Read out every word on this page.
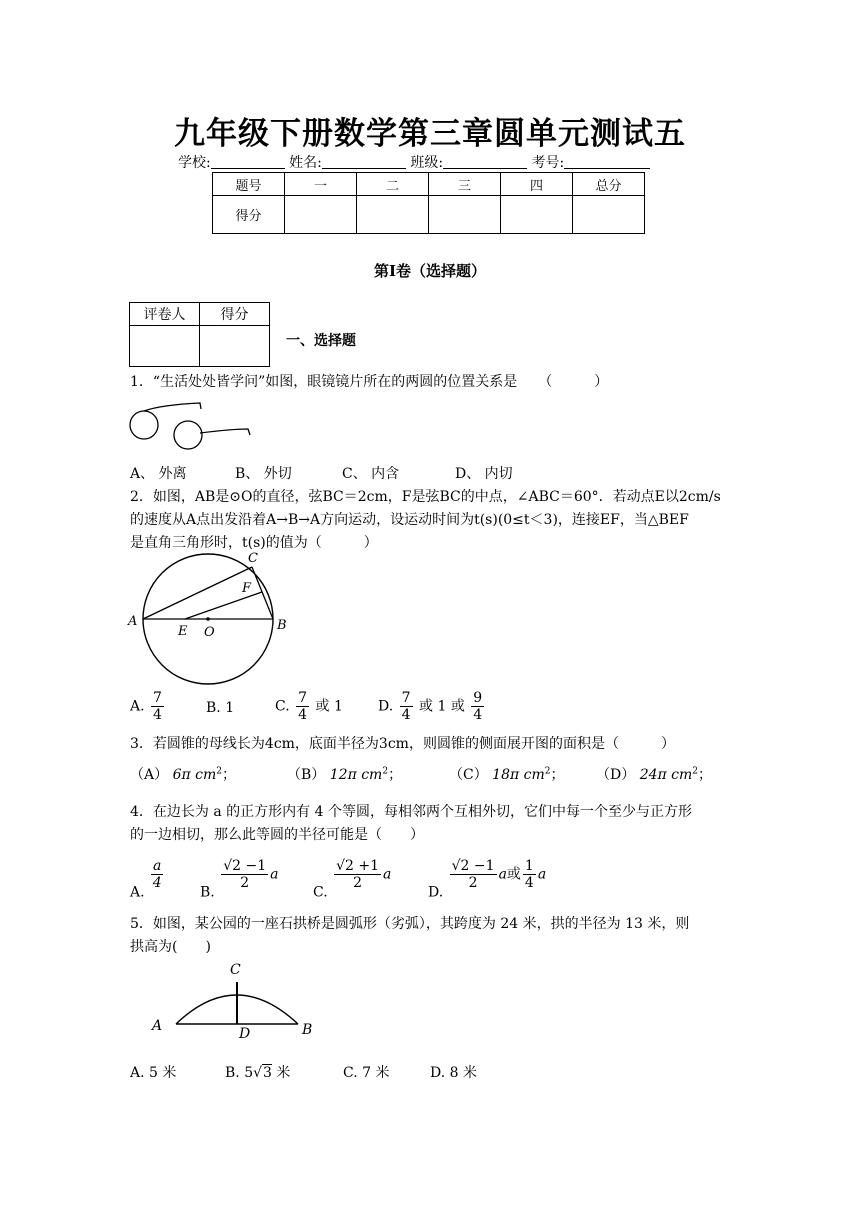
九年级下册数学第三章圆单元测试五
学校:	姓名:	班级:	考号:
题号	一	二	三	四	总分
得分					
第Ⅰ卷（选择题）
评卷人	得分

一、选择题
1．“生活处处皆学问”如图，眼镜镜片所在的两圆的位置关系是　　（　　　）
A、 外离	B、 外切	C、 内含	D、 内切
2．如图，AB是⊙O的直径，弦BC＝2cm，F是弦BC的中点，∠ABC＝60°．若动点E以2cm/s
的速度从A点出发沿着A→B→A方向运动，设运动时间为t(s)(0≤t＜3)，连接EF，当△BEF
是直角三角形时，t(s)的值为（　　　）
A	B
C
E O
F
A. $\frac{7}{4}$	B. 1	C. $\frac{7}{4}$ 或 1	D. $\frac{7}{4}$ 或 1 或 $\frac{9}{4}$
3．若圆锥的母线长为4cm，底面半径为3cm，则圆锥的侧面展开图的面积是（　　　）
（A） 6π $cm^2$；	（B） 12π $cm^2$；	（C） 18π $cm^2$； （D） 24π $cm^2$；
4．在边长为 a 的正方形内有 4 个等圆，每相邻两个互相外切，它们中每一个至少与正方形
的一边相切，那么此等圆的半径可能是（　　）
A.
$\frac{a}{4}$
B.
$\frac{√2 -1}{2}$ a
C.
$\frac{√2 +1}{2}$ a
D.
$\frac{√2 -1}{2}$ a或 $\frac{1}{4}$ a
5．如图，某公园的一座石拱桥是圆弧形（劣弧），其跨度为 24 米，拱的半径为 13 米，则
拱高为(　　)
A	B
C
D
A. 5 米	B. 5√3 米	C. 7 米	D. 8 米
